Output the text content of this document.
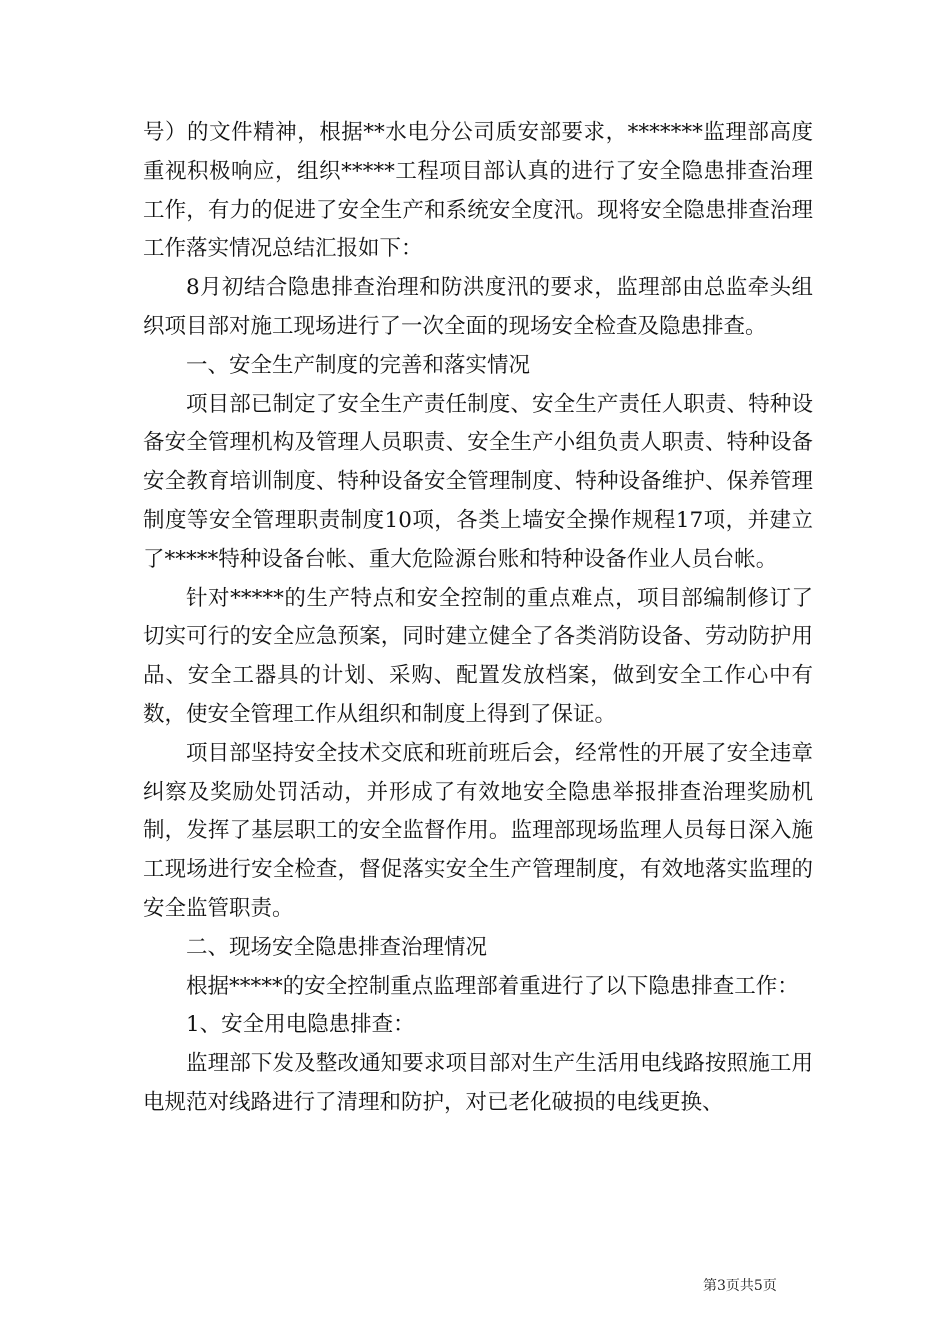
号）的文件精神，根据**水电分公司质安部要求，*******监理部高度重视积极响应，组织*****工程项目部认真的进行了安全隐患排查治理工作，有力的促进了安全生产和系统安全度汛。现将安全隐患排查治理工作落实情况总结汇报如下：

8月初结合隐患排查治理和防洪度汛的要求，监理部由总监牵头组织项目部对施工现场进行了一次全面的现场安全检查及隐患排查。

一、安全生产制度的完善和落实情况

项目部已制定了安全生产责任制度、安全生产责任人职责、特种设备安全管理机构及管理人员职责、安全生产小组负责人职责、特种设备安全教育培训制度、特种设备安全管理制度、特种设备维护、保养管理制度等安全管理职责制度10项，各类上墙安全操作规程17项，并建立了*****特种设备台帐、重大危险源台账和特种设备作业人员台帐。

针对*****的生产特点和安全控制的重点难点，项目部编制修订了切实可行的安全应急预案，同时建立健全了各类消防设备、劳动防护用品、安全工器具的计划、采购、配置发放档案，做到安全工作心中有数，使安全管理工作从组织和制度上得到了保证。

项目部坚持安全技术交底和班前班后会，经常性的开展了安全违章纠察及奖励处罚活动，并形成了有效地安全隐患举报排查治理奖励机制，发挥了基层职工的安全监督作用。监理部现场监理人员每日深入施工现场进行安全检查，督促落实安全生产管理制度，有效地落实监理的安全监管职责。

二、现场安全隐患排查治理情况

根据*****的安全控制重点监理部着重进行了以下隐患排查工作：

1、安全用电隐患排查：

监理部下发及整改通知要求项目部对生产生活用电线路按照施工用电规范对线路进行了清理和防护，对已老化破损的电线更换、

第3页共5页
